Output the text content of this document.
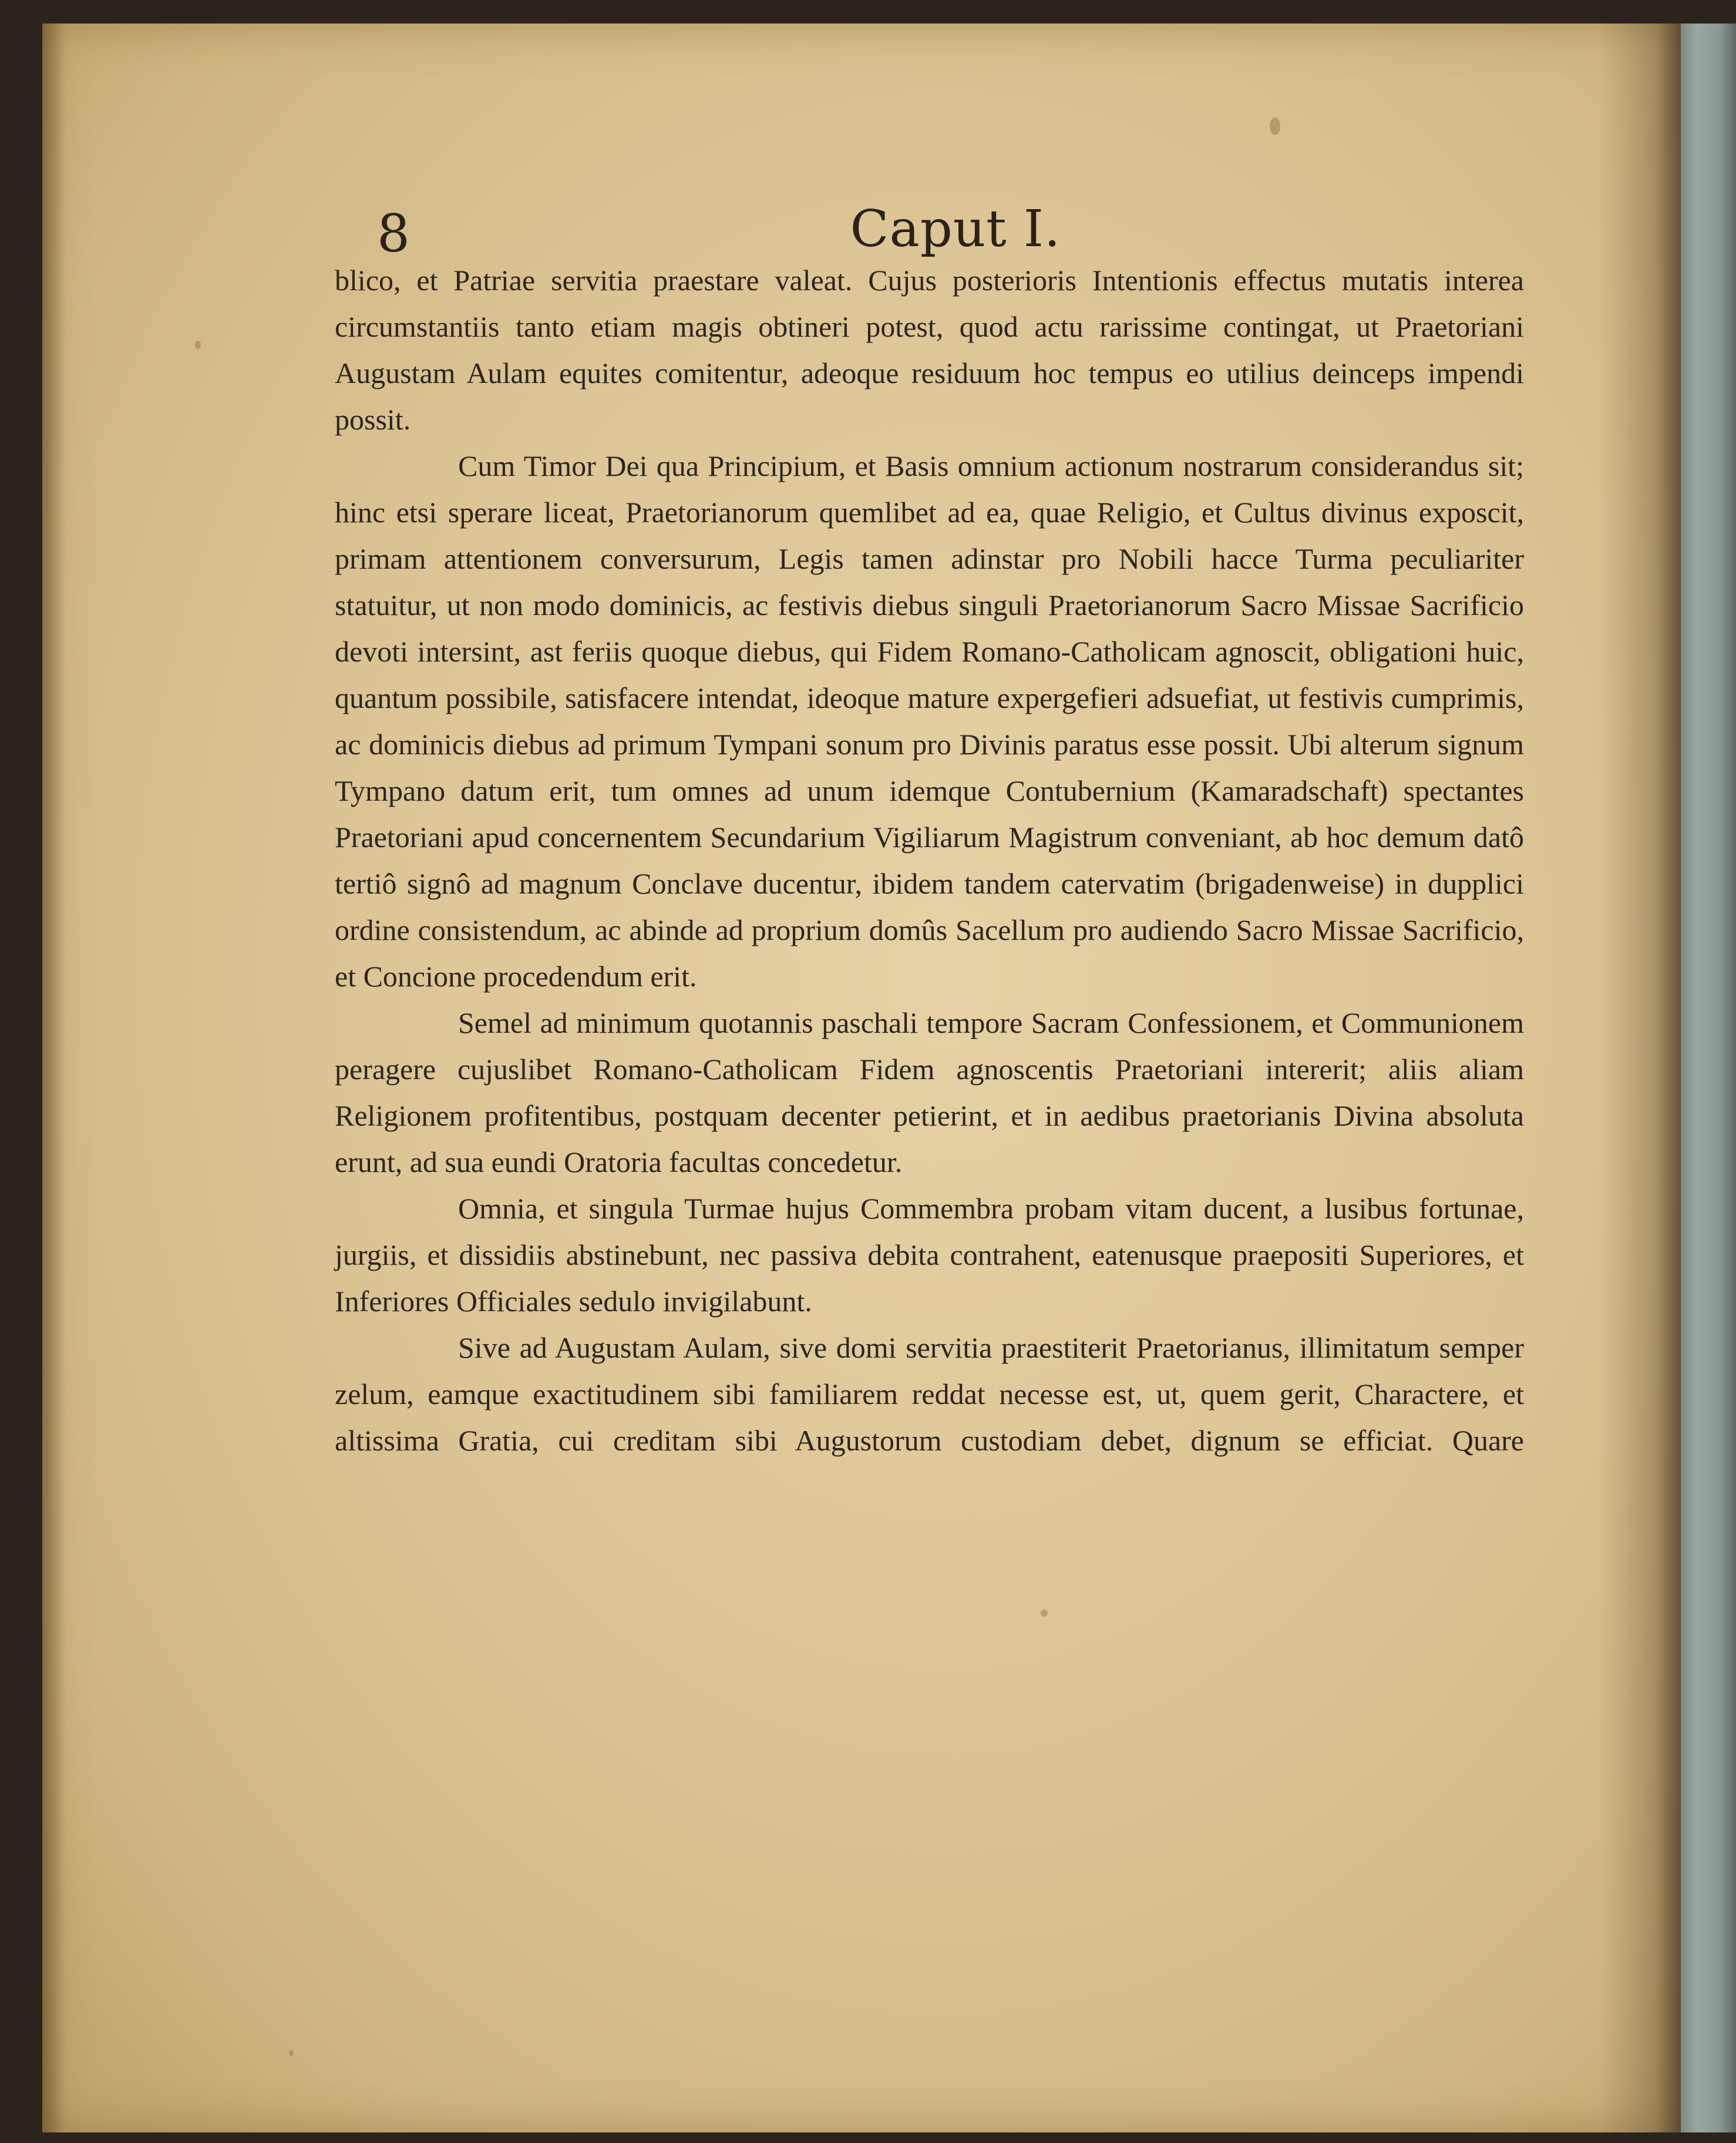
8	Caput I.

blico, et Patriae servitia praestare valeat. Cujus posterioris Intentionis effectus mutatis interea circumstantiis tanto etiam magis obtineri potest, quod actu rarissime contingat, ut Praetoriani Augustam Aulam equites comitentur, adeoque residuum hoc tempus eo utilius deinceps impendi possit.

Cum Timor Dei qua Principium, et Basis omnium actionum nostrarum considerandus sit; hinc etsi sperare liceat, Praetorianorum quemlibet ad ea, quae Religio, et Cultus divinus exposcit, primam attentionem conversurum, Legis tamen adinstar pro Nobili hacce Turma peculiariter statuitur, ut non modo dominicis, ac festivis diebus singuli Praetorianorum Sacro Missae Sacrificio devoti intersint, ast feriis quoque diebus, qui Fidem Romano-Catholicam agnoscit, obligationi huic, quantum possibile, satisfacere intendat, ideoque mature expergefieri adsuefiat, ut festivis cumprimis, ac dominicis diebus ad primum Tympani sonum pro Divinis paratus esse possit. Ubi alterum signum Tympano datum erit, tum omnes ad unum idemque Contubernium (Kamaradschaft) spectantes Praetoriani apud concernentem Secundarium Vigiliarum Magistrum conveniant, ab hoc demum datô tertiô signô ad magnum Conclave ducentur, ibidem tandem catervatim (brigadenweise) in dupplici ordine consistendum, ac abinde ad proprium domûs Sacellum pro audiendo Sacro Missae Sacrificio, et Concione procedendum erit.

Semel ad minimum quotannis paschali tempore Sacram Confessionem, et Communionem peragere cujuslibet Romano-Catholicam Fidem agnoscentis Praetoriani intererit; aliis aliam Religionem profitentibus, postquam decenter petierint, et in aedibus praetorianis Divina absoluta erunt, ad sua eundi Oratoria facultas concedetur.

Omnia, et singula Turmae hujus Commembra probam vitam ducent, a lusibus fortunae, jurgiis, et dissidiis abstinebunt, nec passiva debita contrahent, eatenusque praepositi Superiores, et Inferiores Officiales sedulo invigilabunt.

Sive ad Augustam Aulam, sive domi servitia praestiterit Praetorianus, illimitatum semper zelum, eamque exactitudinem sibi familiarem reddat necesse est, ut, quem gerit, Charactere, et altissima Gratia, cui creditam sibi Augustorum custodiam debet, dignum se efficiat. Quare
